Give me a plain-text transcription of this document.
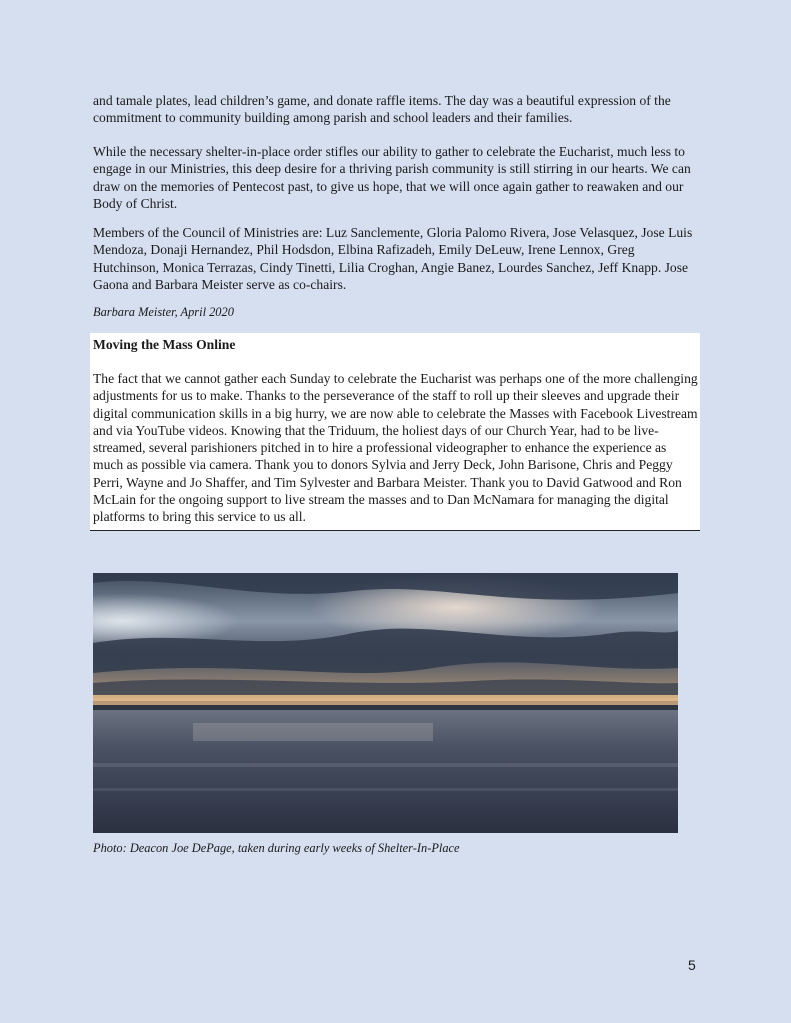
and tamale plates, lead children’s game, and donate raffle items. The day was a beautiful expression of the commitment to community building among parish and school leaders and their families.

While the necessary shelter-in-place order stifles our ability to gather to celebrate the Eucharist, much less to engage in our Ministries, this deep desire for a thriving parish community is still stirring in our hearts. We can draw on the memories of Pentecost past, to give us hope, that we will once again gather to reawaken and our Body of Christ.

Members of the Council of Ministries are: Luz Sanclemente, Gloria Palomo Rivera, Jose Velasquez, Jose Luis Mendoza, Donaji Hernandez, Phil Hodsdon, Elbina Rafizadeh, Emily DeLeuw, Irene Lennox, Greg Hutchinson, Monica Terrazas, Cindy Tinetti, Lilia Croghan, Angie Banez, Lourdes Sanchez, Jeff Knapp. Jose Gaona and Barbara Meister serve as co-chairs.

Barbara Meister, April 2020

Moving the Mass Online

The fact that we cannot gather each Sunday to celebrate the Eucharist was perhaps one of the more challenging adjustments for us to make. Thanks to the perseverance of the staff to roll up their sleeves and upgrade their digital communication skills in a big hurry, we are now able to celebrate the Masses with Facebook Livestream and via YouTube videos. Knowing that the Triduum, the holiest days of our Church Year, had to be live-streamed, several parishioners pitched in to hire a professional videographer to enhance the experience as much as possible via camera. Thank you to donors Sylvia and Jerry Deck, John Barisone, Chris and Peggy Perri, Wayne and Jo Shaffer, and Tim Sylvester and Barbara Meister. Thank you to David Gatwood and Ron McLain for the ongoing support to live stream the masses and to Dan McNamara for managing the digital platforms to bring this service to us all.

Photo: Deacon Joe DePage, taken during early weeks of Shelter-In-Place

5
